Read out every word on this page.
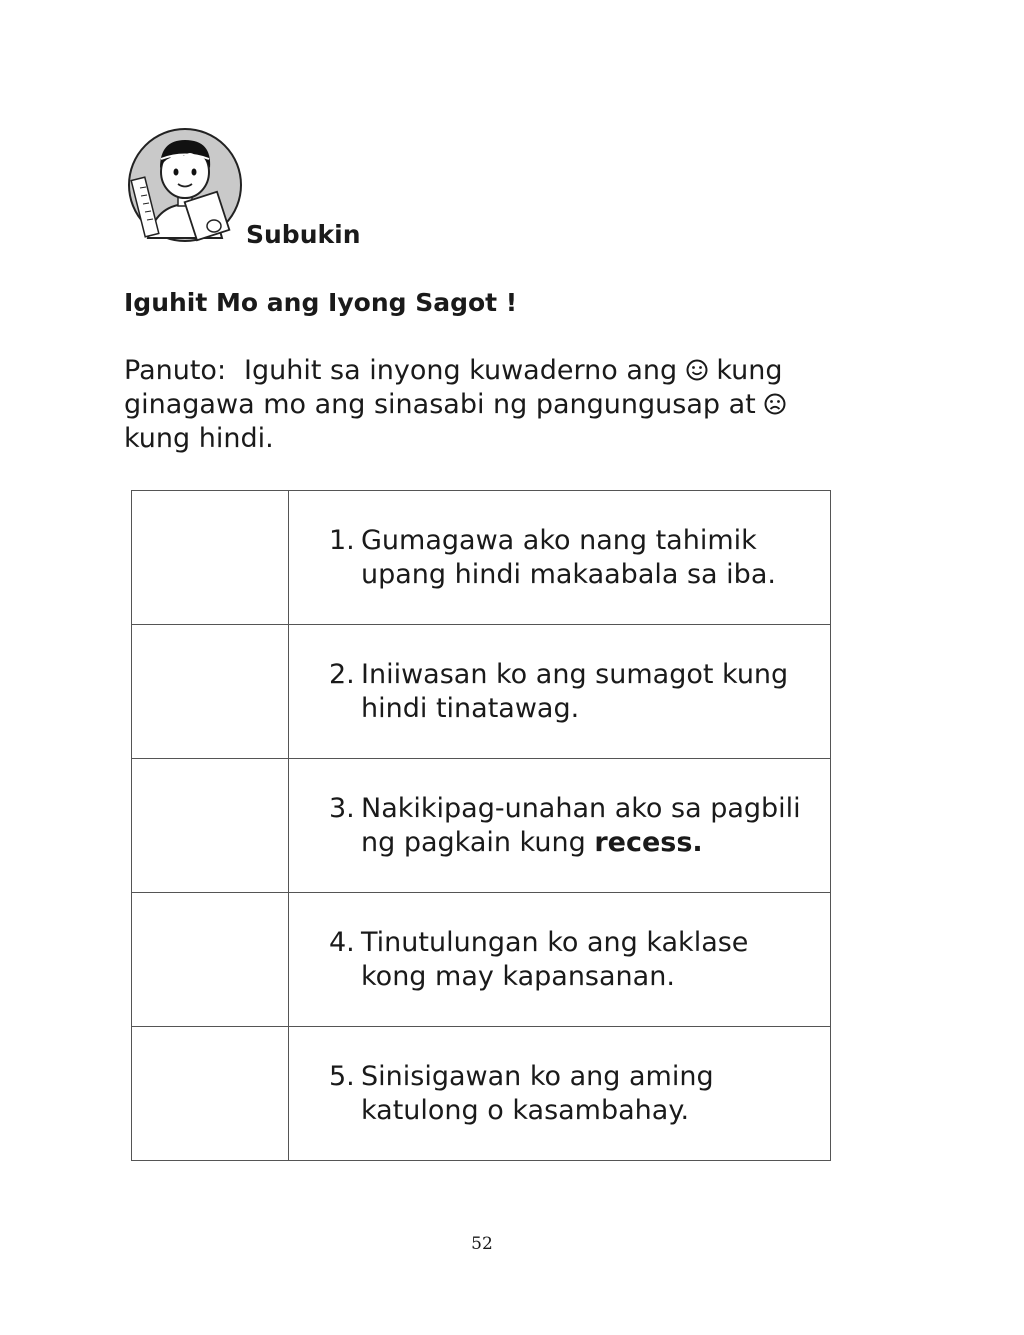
Subukin
Iguhit Mo ang Iyong Sagot !
Panuto: Iguhit sa inyong kuwaderno ang kung ginagawa mo ang sinasabi ng pangungusap at  kung hindi.

	1. Gumagawa ako nang tahimik upang hindi makaabala sa iba.

	2. Iniiwasan ko ang sumagot kung hindi tinatawag.

	3. Nakikipag-unahan ako sa pagbili ng pagkain kung recess.

	4. Tinutulungan ko ang kaklase kong may kapansanan.

	5. Sinisigawan ko ang aming katulong o kasambahay.
52
